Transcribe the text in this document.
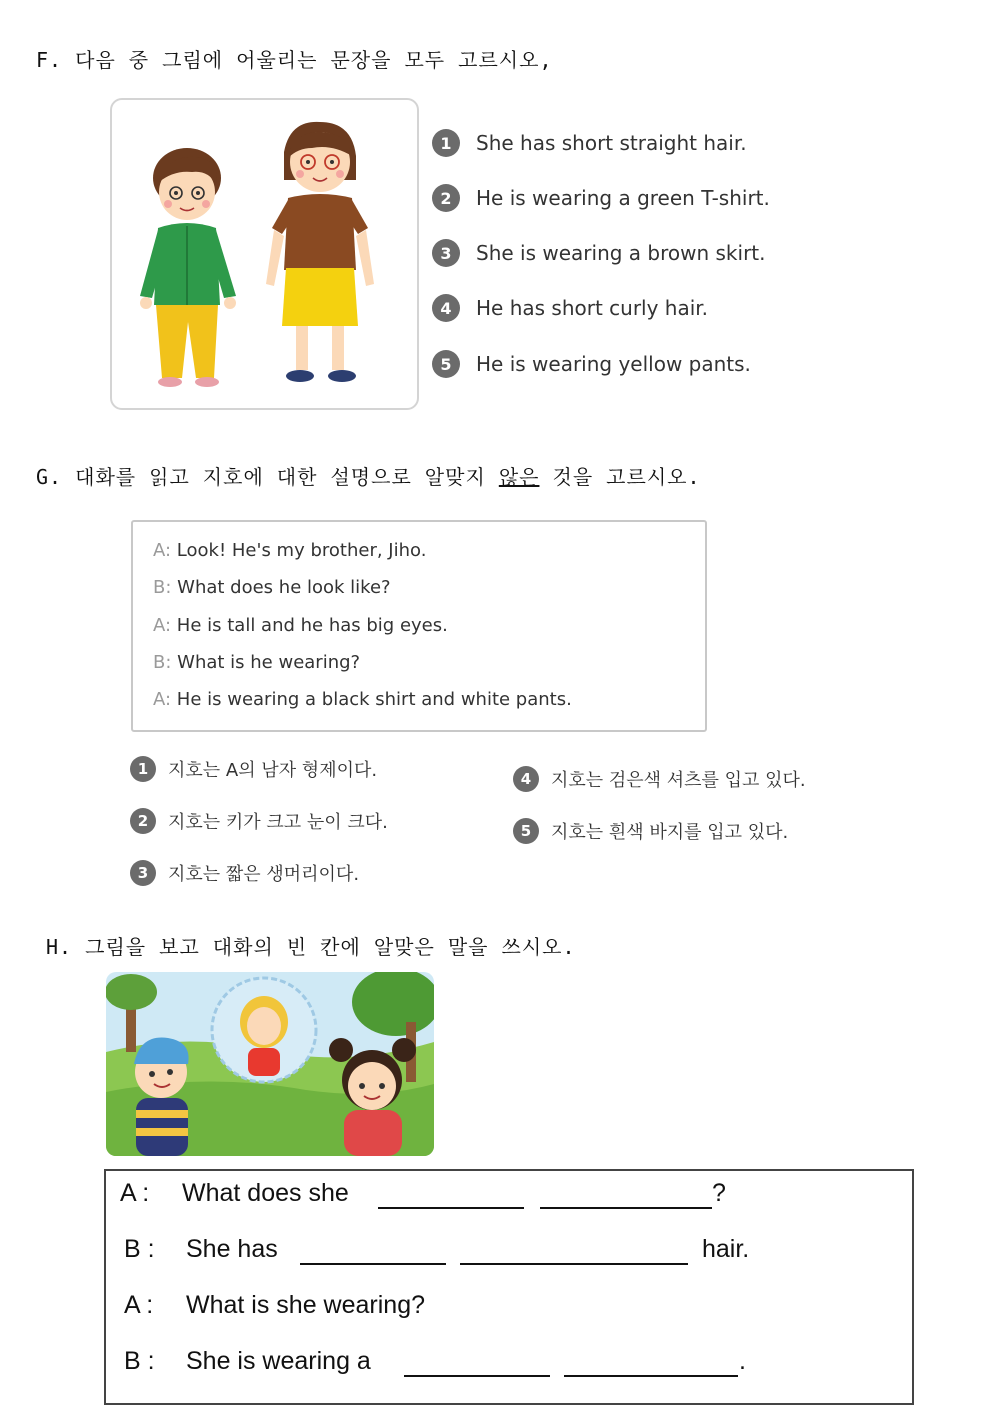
F. 다음 중 그림에 어울리는 문장을 모두 고르시오,
1	She has short straight hair.
2	He is wearing a green T-shirt.
3	She is wearing a brown skirt.
4	He has short curly hair.
5	He is wearing yellow pants.
G. 대화를 읽고 지호에 대한 설명으로 알맞지 않은 것을 고르시오.
A: Look! He's my brother, Jiho.
B: What does he look like?
A: He is tall and he has big eyes.
B: What is he wearing?
A: He is wearing a black shirt and white pants.
1	지호는 A의 남자 형제이다.
2	지호는 키가 크고 눈이 크다.
3	지호는 짧은 생머리이다.
4	지호는 검은색 셔츠를 입고 있다.
5	지호는 흰색 바지를 입고 있다.
H. 그림을 보고 대화의 빈 칸에 알맞은 말을 쓰시오.
A : What does she	?
B : She has	hair.
A : What is she wearing?
B : She is wearing a	.
